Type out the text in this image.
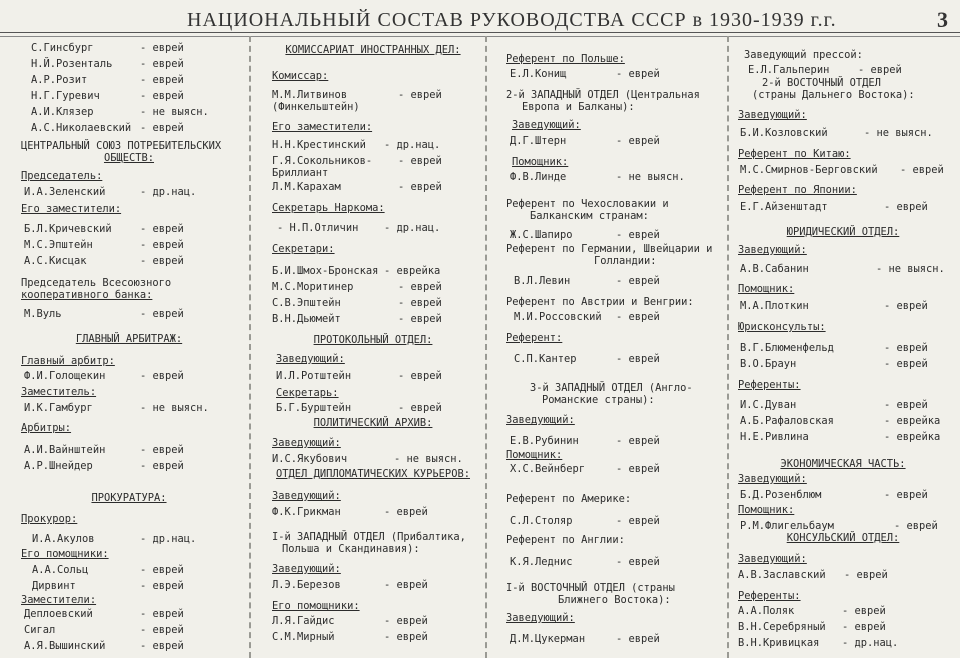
НАЦИОНАЛЬНЫЙ СОСТАВ РУКОВОДСТВА СССР в 1930-1939 г.г.	3
С.Гинсбург	- еврей
Н.Й.Розенталь	- еврей
А.Р.Розит	- еврей
Н.Г.Гуревич	- еврей
А.И.Клязер	- не выясн.
А.С.Николаевский - еврей
ЦЕНТРАЛЬНЫЙ СОЮЗ ПОТРЕБИТЕЛЬСКИХ
ОБЩЕСТВ:
Председатель:
И.А.Зеленский	- др.нац.
Его заместители:
Б.Л.Кричевский	- еврей
М.С.Эпштейн	- еврей
А.С.Кисцак	- еврей
Председатель Всесоюзного
кооперативного банка:
М.Вуль	- еврей
ГЛАВНЫЙ АРБИТРАЖ:
Главный арбитр:
Ф.И.Голощекин	- еврей
Заместитель:
И.К.Гамбург	- не выясн.
Арбитры:
А.И.Вайнштейн	- еврей
А.Р.Шнейдер	- еврей
ПРОКУРАТУРА:
Прокурор:
И.А.Акулов	- др.нац.
Его помощники:
А.А.Сольц	- еврей
Дирвинт	- еврей
Заместители:
Деплоевский	- еврей
Сигал	- еврей
А.Я.Вышинский	- еврей
КОМИССАРИАТ ИНОСТРАННЫХ ДЕЛ:
Комиссар:
М.М.Литвинов	- еврей
(Финкельштейн)
Его заместители:
Н.Н.Крестинский - др.нац.
Г.Я.Сокольников- - еврей
Бриллиант
Л.М.Карахам	- еврей
Секретарь Наркома:
- Н.П.Отличин - др.нац.
Секретари:
Б.И.Шмох-Бронская - еврейка
М.С.Моритинер	- еврей
С.В.Эпштейн	- еврей
В.Н.Дьюмейт	- еврей
ПРОТОКОЛЬНЫЙ ОТДЕЛ:
Заведующий:
И.Л.Ротштейн	- еврей
Секретарь:
Б.Г.Бурштейн	- еврей
ПОЛИТИЧЕСКИЙ АРХИВ:
Заведующий:
И.С.Якубович	- не выясн.
ОТДЕЛ ДИПЛОМАТИЧЕСКИХ КУРЬЕРОВ:
Заведующий:
Ф.К.Грикман	- еврей
I-й ЗАПАДНЫЙ ОТДЕЛ (Прибалтика,
Польша и Скандинавия):
Заведующий:
Л.Э.Березов	- еврей
Его помощники:
Л.Я.Гайдис	- еврей
С.М.Мирный	- еврей
Референт по Польше:
Е.Л.Конищ	- еврей
2-й ЗАПАДНЫЙ ОТДЕЛ (Центральная
Европа и Балканы):
Заведующий:
Д.Г.Штерн	- еврей
Помощник:
Ф.В.Линде	- не выясн.
Референт по Чехословакии и
Балканским странам:
Ж.С.Шапиро	- еврей
Референт по Германии, Швейцарии и
Голландии:
В.Л.Левин	- еврей
Референт по Австрии и Венгрии:
М.И.Россовский - еврей
Референт:
С.П.Кантер	- еврей
3-й ЗАПАДНЫЙ ОТДЕЛ (Англо-
Романские страны):
Заведующий:
Е.В.Рубинин	- еврей
Помощник:
Х.С.Вейнберг	- еврей
Референт по Америке:
С.Л.Столяр	- еврей
Референт по Англии:
К.Я.Леднис	- еврей
I-й ВОСТОЧНЫЙ ОТДЕЛ (страны
Ближнего Востока):
Заведующий:
Д.М.Цукерман	- еврей
Заведующий прессой:
Е.Л.Гальперин	- еврей
2-й ВОСТОЧНЫЙ ОТДЕЛ
(страны Дальнего Востока):
Заведующий:
Б.И.Козловский	- не выясн.
Референт по Китаю:
М.С.Смирнов-Берговский - еврей
Референт по Японии:
Е.Г.Айзенштадт	- еврей
ЮРИДИЧЕСКИЙ ОТДЕЛ:
Заведующий:
А.В.Сабанин	- не выясн.
Помощник:
М.А.Плоткин	- еврей
Юрисконсульты:
В.Г.Блюменфельд	- еврей
В.О.Браун	- еврей
Референты:
И.С.Дуван	- еврей
А.Б.Рафаловская	- еврейка
Н.Е.Ривлина	- еврейка
ЭКОНОМИЧЕСКАЯ ЧАСТЬ:
Заведующий:
Б.Д.Розенблюм	- еврей
Помощник:
Р.М.Флигельбаум	- еврей
КОНСУЛЬСКИЙ ОТДЕЛ:
Заведующий:
А.В.Заславский - еврей
Референты:
А.А.Поляк	- еврей
В.Н.Серебряный - еврей
В.Н.Кривицкая - др.нац.
